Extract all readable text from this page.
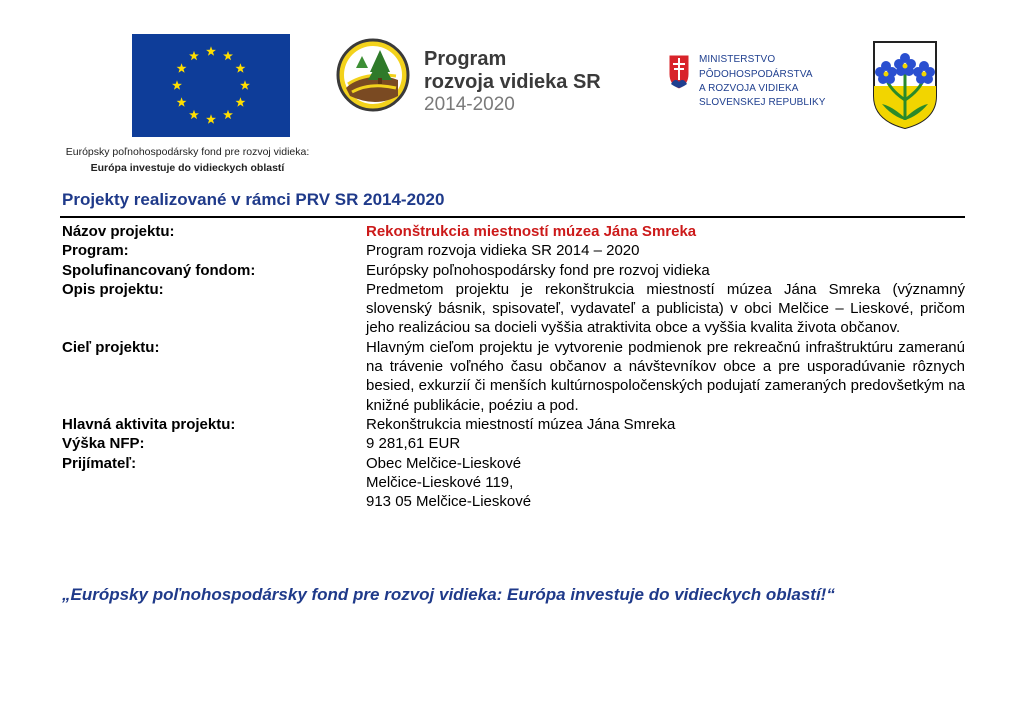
Európsky poľnohospodársky fond pre rozvoj vidieka:
Európa investuje do vidieckych oblastí
Program
rozvoja vidieka SR
2014-2020
MINISTERSTVO
PÔDOHOSPODÁRSTVA
A ROZVOJA VIDIEKA
SLOVENSKEJ REPUBLIKY
Projekty realizované v rámci PRV SR 2014-2020
Názov projektu:	Rekonštrukcia miestností múzea Jána Smreka
Program:	Program rozvoja vidieka SR 2014 – 2020
Spolufinancovaný fondom:	Európsky poľnohospodársky fond pre rozvoj vidieka
Opis projektu:	Predmetom projektu je rekonštrukcia miestností múzea Jána Smreka (významný slovenský básnik, spisovateľ, vydavateľ a publicista) v obci Melčice – Lieskové, pričom jeho realizáciou sa docieli vyššia atraktivita obce a vyššia kvalita života občanov.
Cieľ projektu:	Hlavným cieľom projektu je vytvorenie podmienok pre rekreačnú infraštruktúru zameranú na trávenie voľného času občanov a návštevníkov obce a pre usporadúvanie rôznych besied, exkurzií či menších kultúrnospoločenských podujatí zameraných predovšetkým na knižné publikácie, poéziu a pod.
Hlavná aktivita projektu:	Rekonštrukcia miestností múzea Jána Smreka
Výška NFP:	9 281,61 EUR
Prijímateľ:	Obec Melčice-Lieskové
Melčice-Lieskové 119,
913 05 Melčice-Lieskové
„Európsky poľnohospodársky fond pre rozvoj vidieka: Európa investuje do vidieckych oblastí!“
